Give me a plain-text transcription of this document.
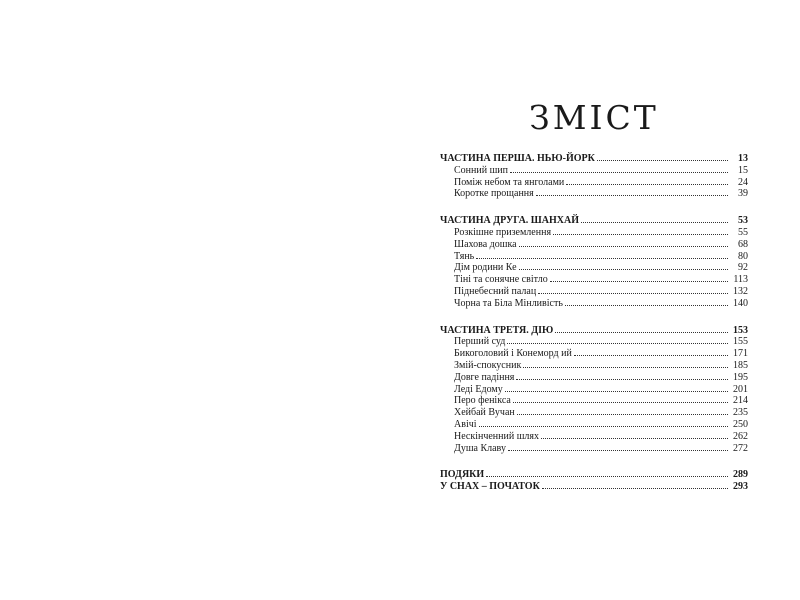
ЗМІСТ
ЧАСТИНА ПЕРША. НЬЮ-ЙОРК	13
Сонний шип	15
Поміж небом та янголами	24
Коротке прощання	39
ЧАСТИНА ДРУГА. ШАНХАЙ	53
Розкішне приземлення	55
Шахова дошка	68
Тянь	80
Дім родини Ке	92
Тіні та сонячне світло	113
Піднебесний палац	132
Чорна та Біла Мінливість	140
ЧАСТИНА ТРЕТЯ. ДІЮ	153
Перший суд	155
Бикоголовий і Конеморд ий	171
Змій-спокусник	185
Довге падіння	195
Леді Едому	201
Перо фенікса	214
Хейбай Вучан	235
Авічі	250
Нескінченний шлях	262
Душа Клаву	272
ПОДЯКИ	289
У СНАХ – ПОЧАТОК	293
